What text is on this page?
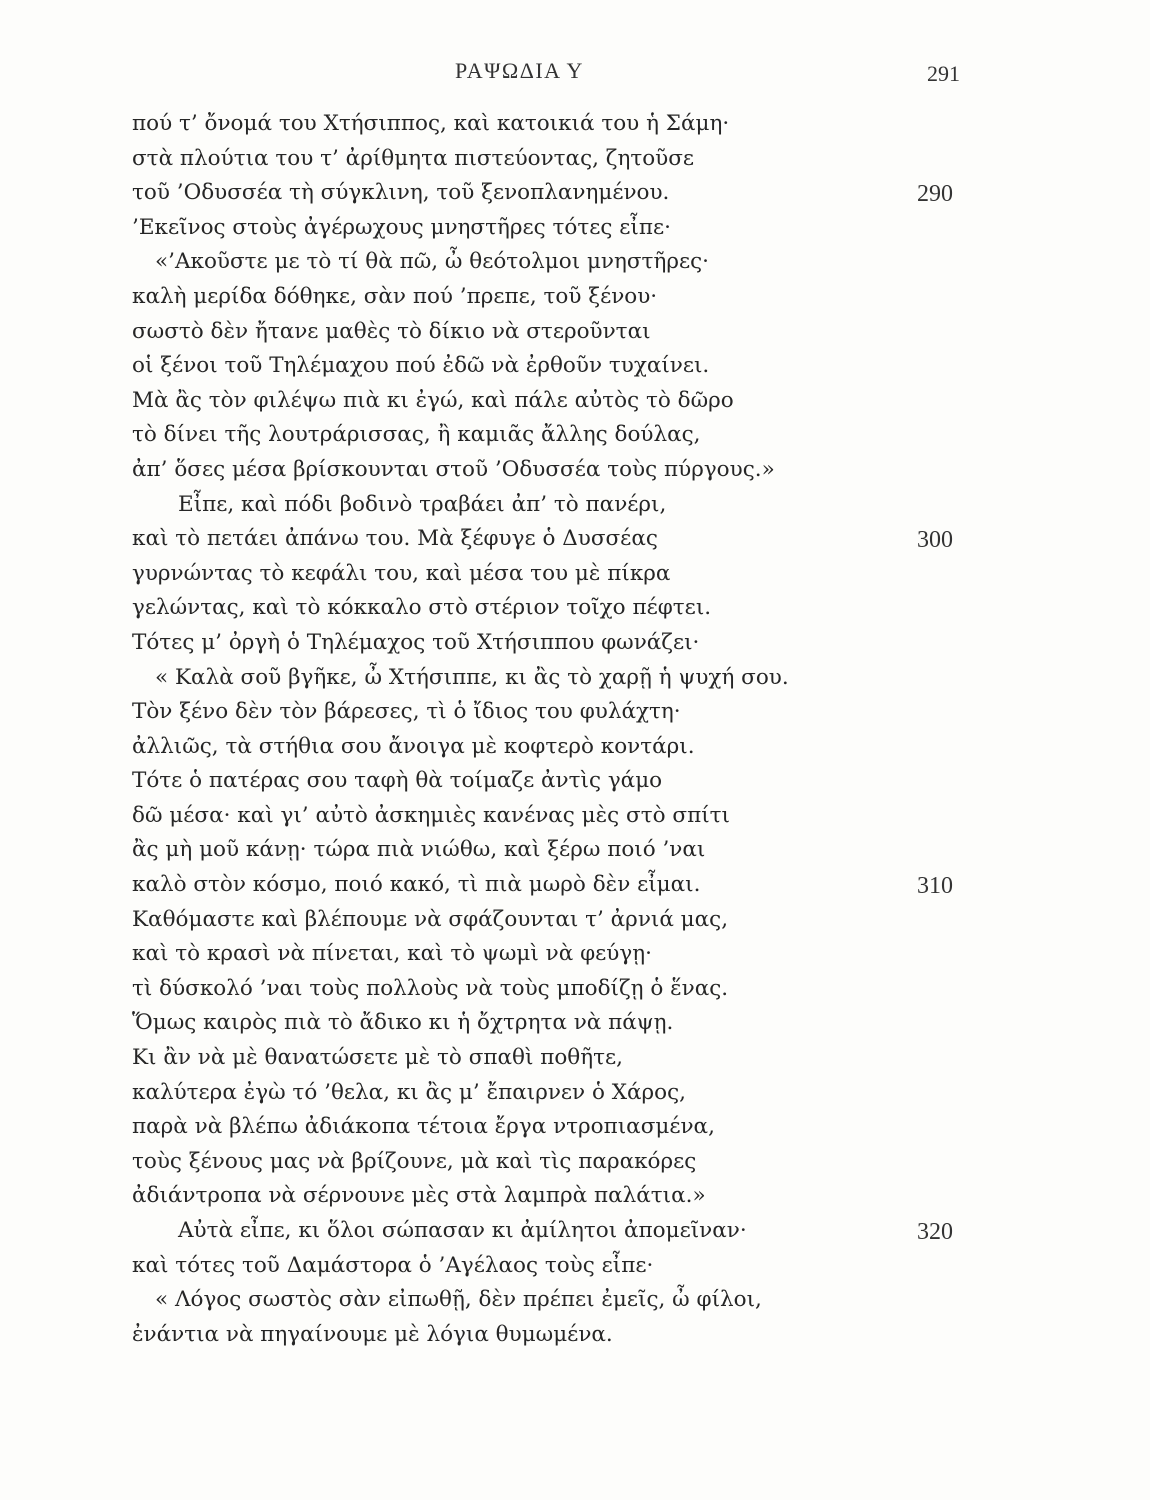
ΡΑΨΩΔΙΑ Υ	291
πού τ’ ὄνομά του Χτήσιππος, καὶ κατοικιά του ἡ Σάμη·
στὰ πλούτια του τ’ ἀρίθμητα πιστεύοντας, ζητοῦσε
τοῦ ’Οδυσσέα τὴ σύγκλινη, τοῦ ξενοπλανημένου.	290
’Εκεῖνος στοὺς ἀγέρωχους μνηστῆρες τότες εἶπε·
«’Ακοῦστε με τὸ τί θὰ πῶ, ὦ θεότολμοι μνηστῆρες·
καλὴ μερίδα δόθηκε, σὰν πού ’πρεπε, τοῦ ξένου·
σωστὸ δὲν ἤτανε μαθὲς τὸ δίκιο νὰ στεροῦνται
οἱ ξένοι τοῦ Τηλέμαχου πού ἐδῶ νὰ ἐρθοῦν τυχαίνει.
Μὰ ἂς τὸν φιλέψω πιὰ κι ἐγώ, καὶ πάλε αὐτὸς τὸ δῶρο
τὸ δίνει τῆς λουτράρισσας, ἢ καμιᾶς ἄλλης δούλας,
ἀπ’ ὅσες μέσα βρίσκουνται στοῦ ’Οδυσσέα τοὺς πύργους.»
Εἶπε, καὶ πόδι βοδινὸ τραβάει ἀπ’ τὸ πανέρι,
καὶ τὸ πετάει ἀπάνω του. Μὰ ξέφυγε ὁ Δυσσέας	300
γυρνώντας τὸ κεφάλι του, καὶ μέσα του μὲ πίκρα
γελώντας, καὶ τὸ κόκκαλο στὸ στέριον τοῖχο πέφτει.
Τότες μ’ ὀργὴ ὁ Τηλέμαχος τοῦ Χτήσιππου φωνάζει·
« Καλὰ σοῦ βγῆκε, ὦ Χτήσιππε, κι ἂς τὸ χαρῇ ἡ ψυχή σου.
Τὸν ξένο δὲν τὸν βάρεσες, τὶ ὁ ἴδιος του φυλάχτη·
ἀλλιῶς, τὰ στήθια σου ἄνοιγα μὲ κοφτερὸ κοντάρι.
Τότε ὁ πατέρας σου ταφὴ θὰ τοίμαζε ἀντὶς γάμο
δῶ μέσα· καὶ γι’ αὐτὸ ἀσκημιὲς κανένας μὲς στὸ σπίτι
ἂς μὴ μοῦ κάνῃ· τώρα πιὰ νιώθω, καὶ ξέρω ποιό ’ναι
καλὸ στὸν κόσμο, ποιό κακό, τὶ πιὰ μωρὸ δὲν εἶμαι.	310
Καθόμαστε καὶ βλέπουμε νὰ σφάζουνται τ’ ἀρνιά μας,
καὶ τὸ κρασὶ νὰ πίνεται, καὶ τὸ ψωμὶ νὰ φεύγῃ·
τὶ δύσκολό ’ναι τοὺς πολλοὺς νὰ τοὺς μποδίζῃ ὁ ἕνας.
Ὅμως καιρὸς πιὰ τὸ ἄδικο κι ἡ ὄχτρητα νὰ πάψῃ.
Κι ἂν νὰ μὲ θανατώσετε μὲ τὸ σπαθὶ ποθῆτε,
καλύτερα ἐγὼ τό ’θελα, κι ἂς μ’ ἔπαιρνεν ὁ Χάρος,
παρὰ νὰ βλέπω ἀδιάκοπα τέτοια ἔργα ντροπιασμένα,
τοὺς ξένους μας νὰ βρίζουνε, μὰ καὶ τὶς παρακόρες
ἀδιάντροπα νὰ σέρνουνε μὲς στὰ λαμπρὰ παλάτια.»
Αὐτὰ εἶπε, κι ὅλοι σώπασαν κι ἀμίλητοι ἀπομεῖναν·	320
καὶ τότες τοῦ Δαμάστορα ὁ ’Αγέλαος τοὺς εἶπε·
« Λόγος σωστὸς σὰν εἰπωθῇ, δὲν πρέπει ἐμεῖς, ὦ φίλοι,
ἐνάντια νὰ πηγαίνουμε μὲ λόγια θυμωμένα.
